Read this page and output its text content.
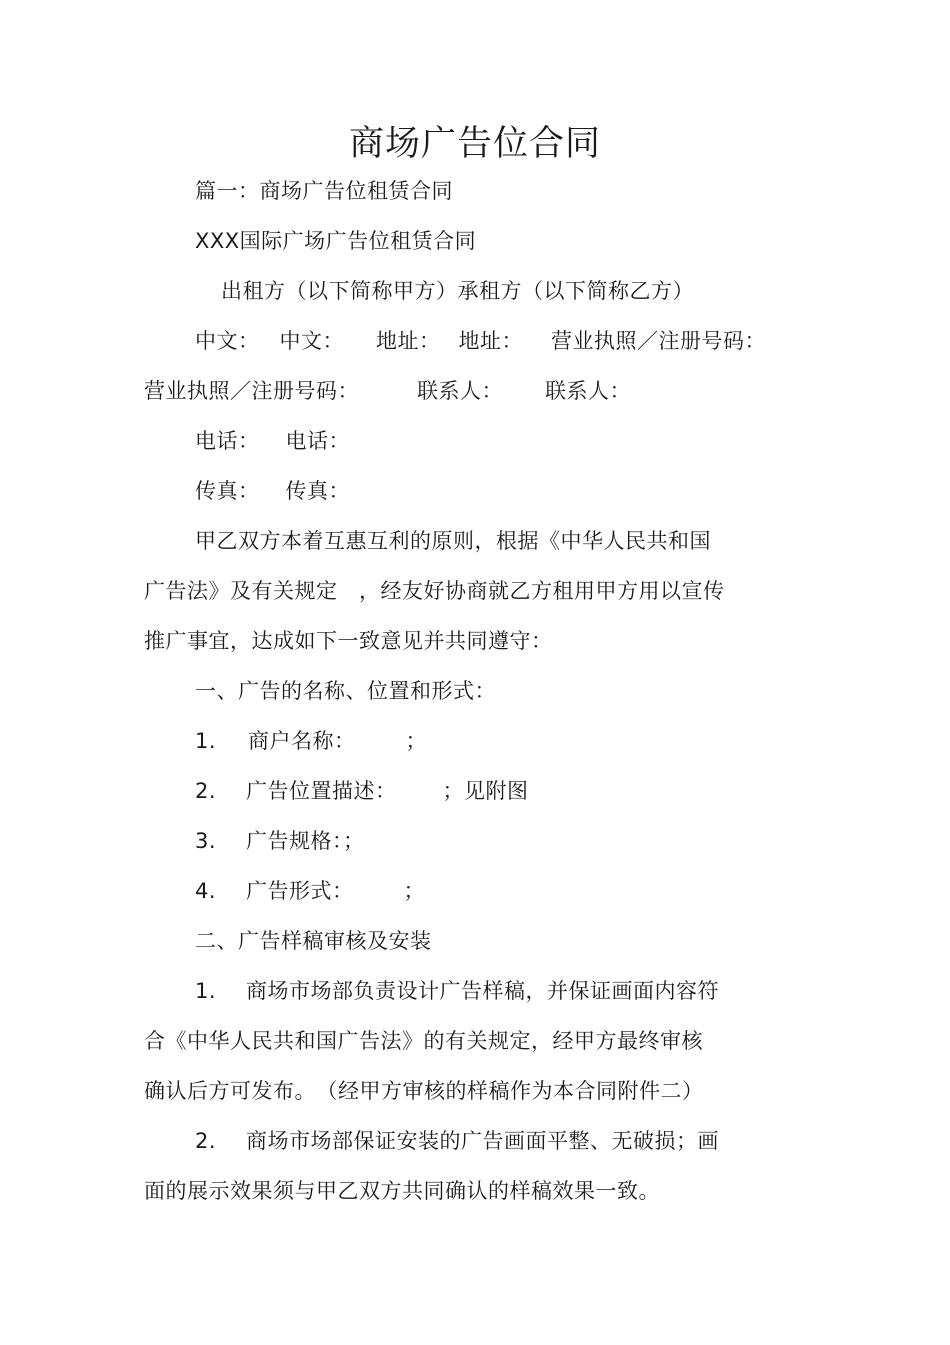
商场广告位合同
篇一：商场广告位租赁合同
XXX国际广场广告位租赁合同
出租方（以下简称甲方）承租方（以下简称乙方）
中文： 中文： 地址： 地址： 营业执照／注册号码：
营业执照／注册号码：	联系人： 联系人：
电话： 电话：
传真： 传真：
甲乙双方本着互惠互利的原则，根据《中华人民共和国
广告法》及有关规定　，经友好协商就乙方租用甲方用以宣传
推广事宜，达成如下一致意见并共同遵守：
一、广告的名称、位置和形式：
1. 商户名称： ；
2. 广告位置描述： ；见附图
3. 广告规格：；
4. 广告形式： ；
二、广告样稿审核及安装
1. 商场市场部负责设计广告样稿，并保证画面内容符
合《中华人民共和国广告法》的有关规定，经甲方最终审核
确认后方可发布。　（经甲方审核的样稿作为本合同附件二）
2. 商场市场部保证安装的广告画面平整、无破损；画
面的展示效果须与甲乙双方共同确认的样稿效果一致。
